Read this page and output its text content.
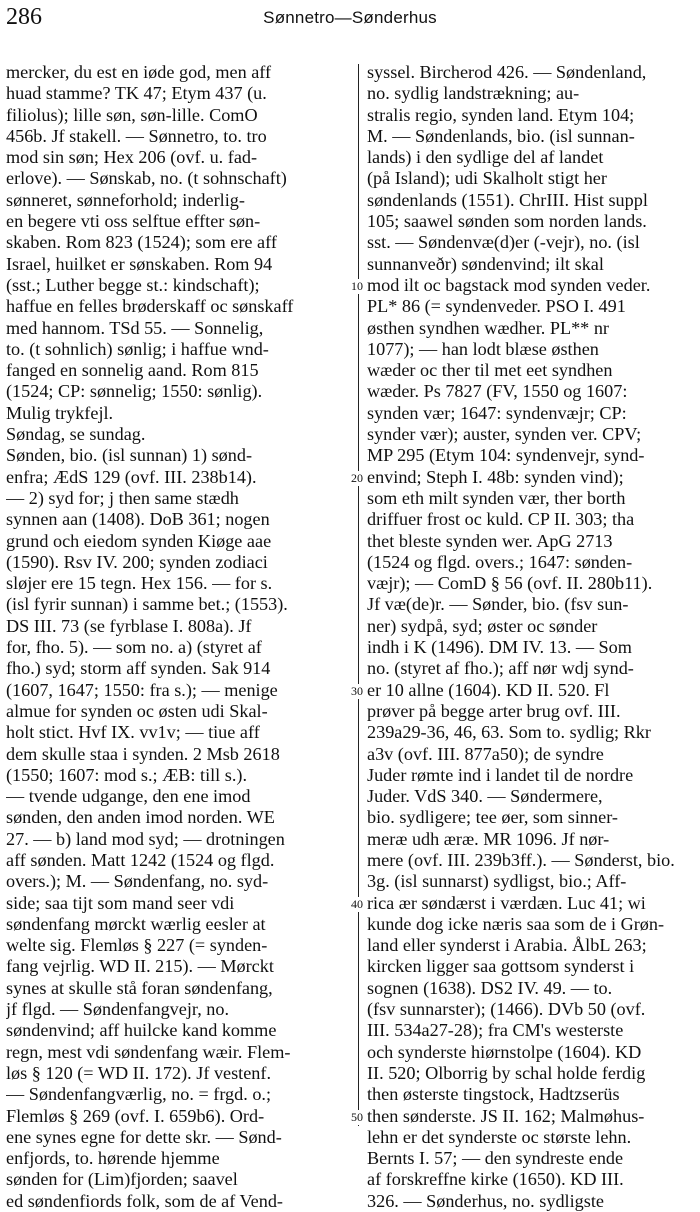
286	Sønnetro—Sønderhus
mercker, du est en iøde god, men aff
huad stamme? TK 47; Etym 437 (u.
filiolus); lille søn, søn-lille. ComO
456b. Jf stakell. — Sønnetro, to. tro
mod sin søn; Hex 206 (ovf. u. fad-
erlove). — Sønskab, no. (t sohnschaft)
sønneret, sønneforhold; inderlig-
en begere vti oss selftue effter søn-
skaben. Rom 823 (1524); som ere aff
Israel, huilket er sønskaben. Rom 94
(sst.; Luther begge st.: kindschaft);
haffue en felles brøderskaff oc sønskaff
med hannom. TSd 55. — Sonnelig,
to. (t sohnlich) sønlig; i haffue wnd-
fanged en sonnelig aand. Rom 815
(1524; CP: sønnelig; 1550: sønlig).
Mulig trykfejl.
Søndag, se sundag.
Sønden, bio. (isl sunnan) 1) sønd-
enfra; ÆdS 129 (ovf. III. 238b14).
— 2) syd for; j then same stædh
synnen aan (1408). DoB 361; nogen
grund och eiedom synden Kiøge aae
(1590). Rsv IV. 200; synden zodiaci
sløjer ere 15 tegn. Hex 156. — for s.
(isl fyrir sunnan) i samme bet.; (1553).
DS III. 73 (se fyrblase I. 808a). Jf
for, fho. 5). — som no. a) (styret af
fho.) syd; storm aff synden. Sak 914
(1607, 1647; 1550: fra s.); — menige
almue for synden oc østen udi Skal-
holt stict. Hvf IX. vv1v; — tiue aff
dem skulle staa i synden. 2 Msb 2618
(1550; 1607: mod s.; ÆB: till s.).
— tvende udgange, den ene imod
sønden, den anden imod norden. WE
27. — b) land mod syd; — drotningen
aff sønden. Matt 1242 (1524 og flgd.
overs.); M. — Søndenfang, no. syd-
side; saa tijt som mand seer vdi
søndenfang mørckt wærlig eesler at
welte sig. Flemløs § 227 (= synden-
fang vejrlig. WD II. 215). — Mørckt
synes at skulle stå foran søndenfang,
jf flgd. — Søndenfangvejr, no.
søndenvind; aff huilcke kand komme
regn, mest vdi søndenfang wæir. Flem-
løs § 120 (= WD II. 172). Jf vestenf.
— Søndenfangværlig, no. = frgd. o.;
Flemløs § 269 (ovf. I. 659b6). Ord-
ene synes egne for dette skr. — Sønd-
enfjords, to. hørende hjemme
sønden for (Lim)fjorden; saavel
ed søndenfiords folk, som de af Vend-
10
20
30
40
50
syssel. Bircherod 426. — Søndenland,
no. sydlig landstrækning; au-
stralis regio, synden land. Etym 104;
M. — Søndenlands, bio. (isl sunnan-
lands) i den sydlige del af landet
(på Island); udi Skalholt stigt her
søndenlands (1551). ChrIII. Hist suppl
105; saawel sønden som norden lands.
sst. — Søndenvæ(d)er (-vejr), no. (isl
sunnanveðr) søndenvind; ilt skal
mod ilt oc bagstack mod synden veder.
PL* 86 (= syndenveder. PSO I. 491
østhen syndhen wædher. PL** nr
1077); — han lodt blæse østhen
wæder oc ther til met eet syndhen
wæder. Ps 7827 (FV, 1550 og 1607:
synden vær; 1647: syndenvæjr; CP:
synder vær); auster, synden ver. CPV;
MP 295 (Etym 104: syndenvejr, synd-
envind; Steph I. 48b: synden vind);
som eth milt synden vær, ther borth
driffuer frost oc kuld. CP II. 303; tha
thet bleste synden wer. ApG 2713
(1524 og flgd. overs.; 1647: sønden-
væjr); — ComD § 56 (ovf. II. 280b11).
Jf væ(de)r. — Sønder, bio. (fsv sun-
ner) sydpå, syd; øster oc sønder
indh i K (1496). DM IV. 13. — Som
no. (styret af fho.); aff nør wdj synd-
er 10 allne (1604). KD II. 520. Fl
prøver på begge arter brug ovf. III.
239a29-36, 46, 63. Som to. sydlig; Rkr
a3v (ovf. III. 877a50); de syndre
Juder rømte ind i landet til de nordre
Juder. VdS 340. — Søndermere,
bio. sydligere; tee øer, som sinner-
meræ udh æræ. MR 1096. Jf nør-
mere (ovf. III. 239b3ff.). — Sønderst, bio.
3g. (isl sunnarst) sydligst, bio.; Aff-
rica ær søndærst i værdæn. Luc 41; wi
kunde dog icke næris saa som de i Grøn-
land eller synderst i Arabia. ÅlbL 263;
kircken ligger saa gottsom synderst i
sognen (1638). DS2 IV. 49. — to.
(fsv sunnarster); (1466). DVb 50 (ovf.
III. 534a27-28); fra CM's westerste
och synderste hiørnstolpe (1604). KD
II. 520; Olborrig by schal holde ferdig
then østerste tingstock, Hadtzserüs
then sønderste. JS II. 162; Malmøhus-
lehn er det synderste oc største lehn.
Bernts I. 57; — den syndreste ende
af forskreffne kirke (1650). KD III.
326. — Sønderhus, no. sydligste
